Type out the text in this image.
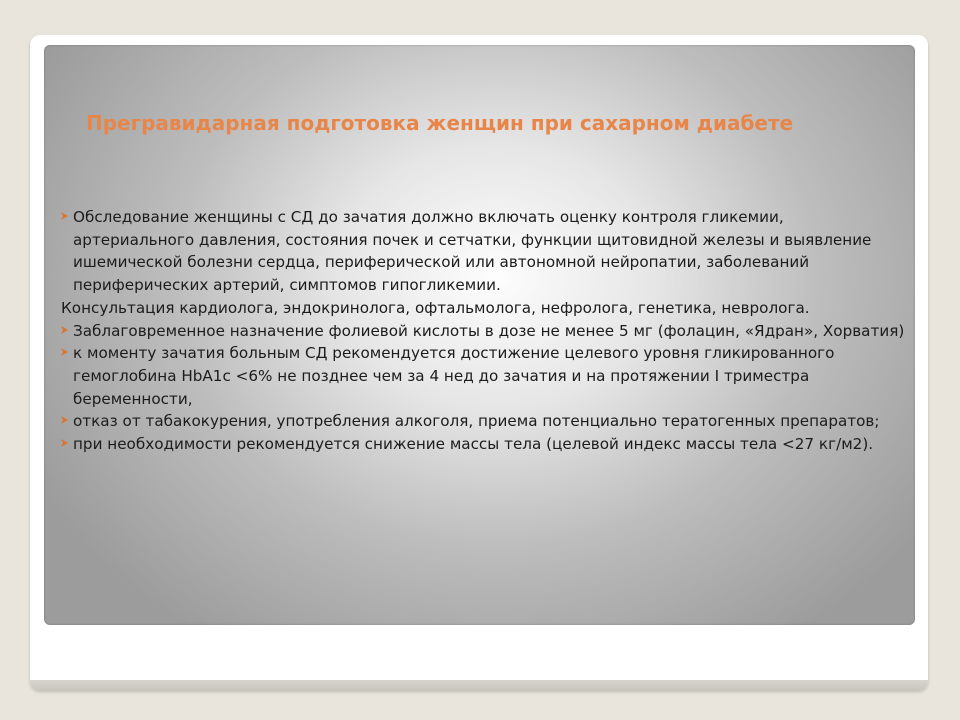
Прегравидарная подготовка женщин при сахарном диабете
Обследование женщины с СД до зачатия должно включать оценку контроля гликемии, артериального давления, состояния почек и сетчатки, функции щитовидной железы и выявление ишемической болезни сердца, периферической или автономной нейропатии, заболеваний периферических артерий, симптомов гипогликемии.
Консультация кардиолога, эндокринолога, офтальмолога, нефролога, генетика, невролога.
Заблаговременное назначение фолиевой кислоты в дозе не менее 5 мг (фолацин, «Ядран», Хорватия)
к моменту зачатия больным СД рекомендуется достижение целевого уровня гликированного гемоглобина HbA1c <6% не позднее чем за 4 нед до зачатия и на протяжении I триместра беременности,
отказ от табакокурения, употребления алкоголя, приема потенциально тератогенных препаратов;
при необходимости рекомендуется снижение массы тела (целевой индекс массы тела <27 кг/м2).
